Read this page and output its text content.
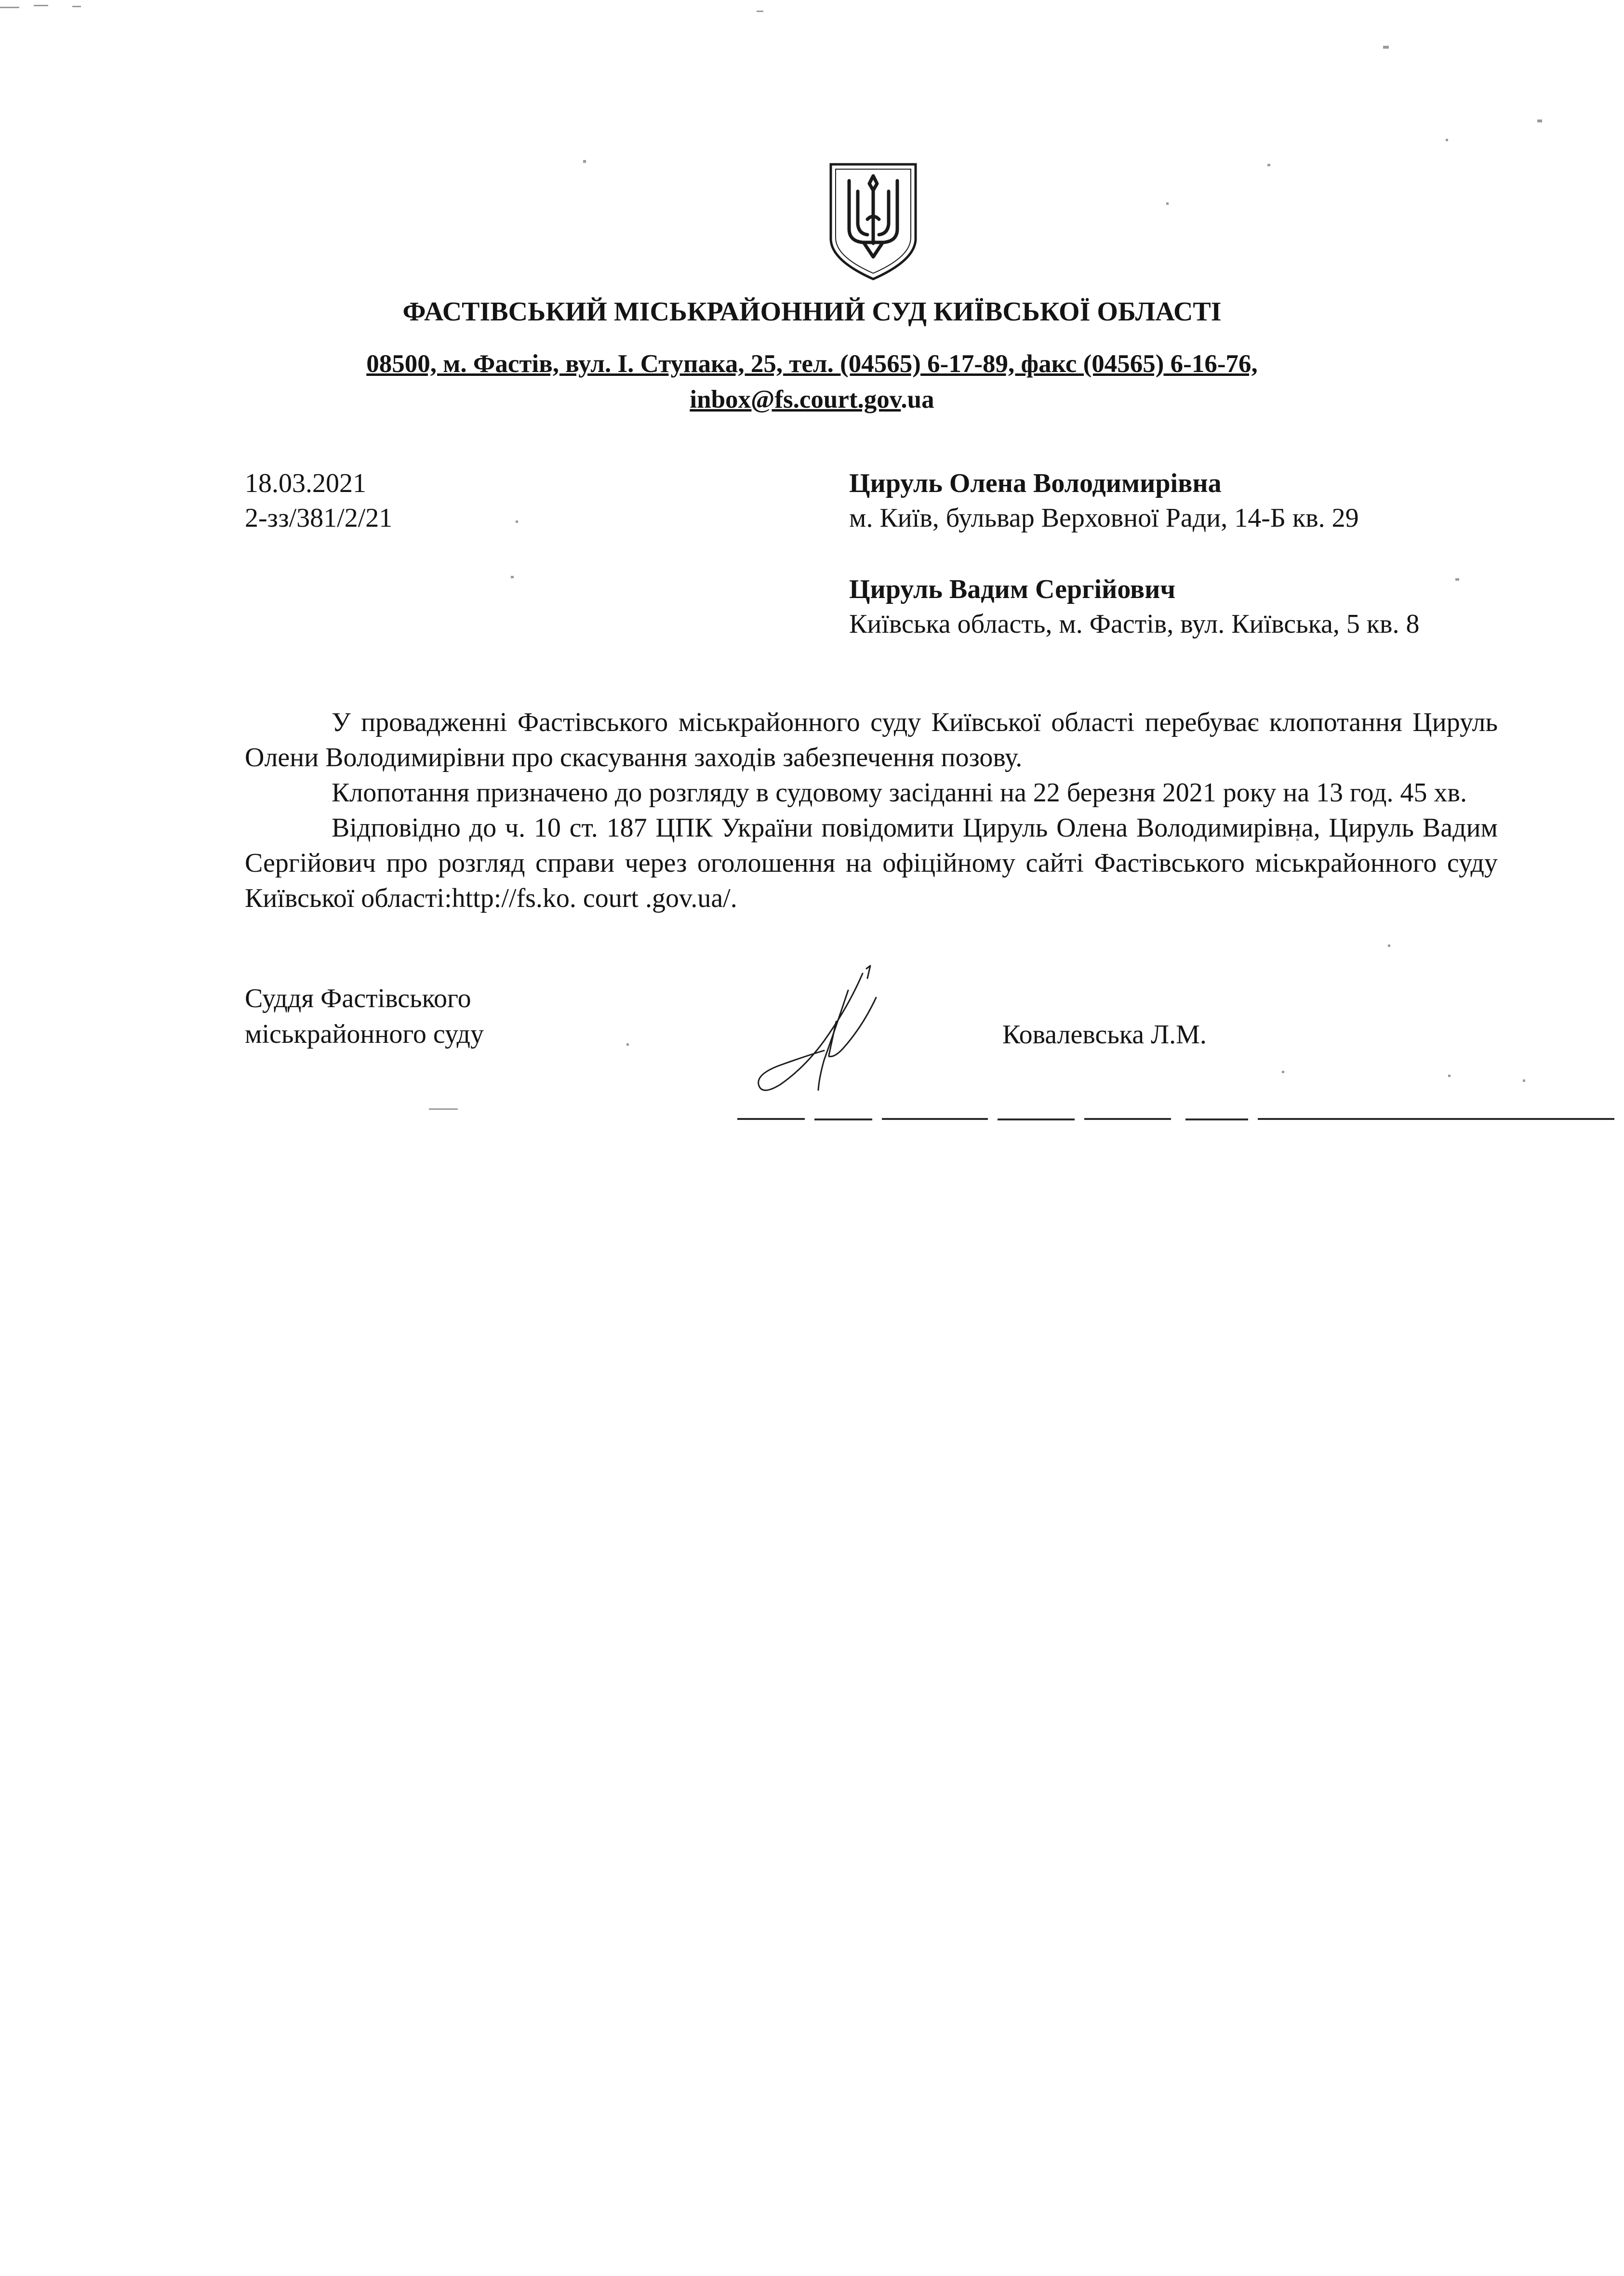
ФАСТІВСЬКИЙ МІСЬКРАЙОННИЙ СУД КИЇВСЬКОЇ ОБЛАСТІ
08500, м. Фастів, вул. І. Ступака, 25, тел. (04565) 6-17-89, факс (04565) 6-16-76,
inbox@fs.court.gov.ua
18.03.2021
2-зз/381/2/21
Цируль Олена Володимирівна
м. Київ, бульвар Верховної Ради, 14-Б кв. 29
Цируль Вадим Сергійович
Київська область, м. Фастів, вул. Київська, 5 кв. 8

У провадженні Фастівського міськрайонного суду Київської області перебуває клопотання Цируль Олени Володимирівни про скасування заходів забезпечення позову.

Клопотання призначено до розгляду в судовому засіданні на 22 березня 2021 року на 13 год. 45 хв.

Відповідно до ч. 10 ст. 187 ЦПК України повідомити Цируль Олена Володимирівна, Цируль Вадим Сергійович про розгляд справи через оголошення на офіційному сайті Фастівського міськрайонного суду Київської області:http://fs.ko. court .gov.ua/.

Суддя Фастівського
міськрайонного суду	Ковалевська Л.М.
